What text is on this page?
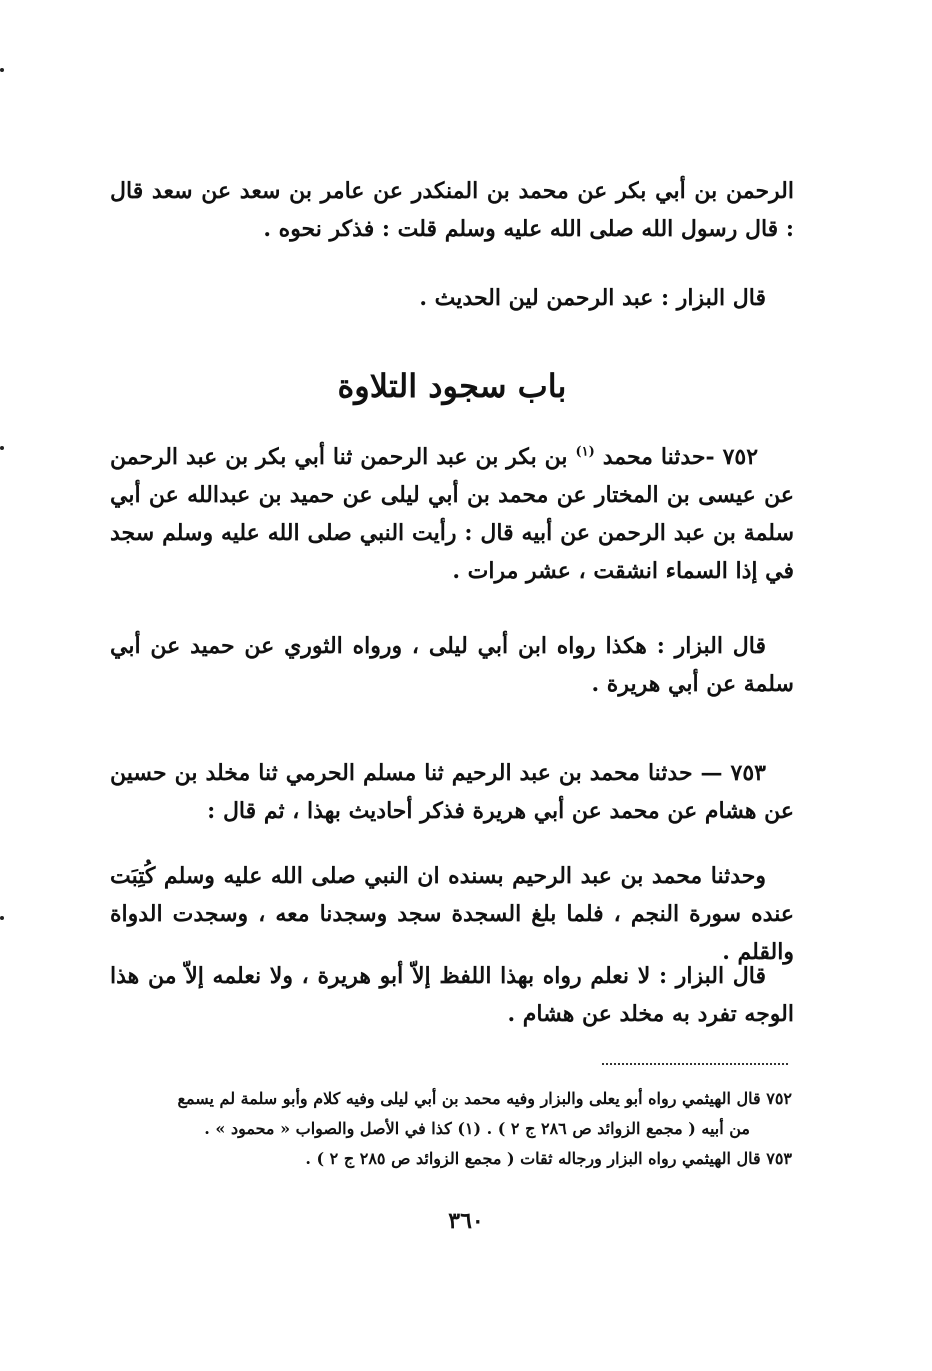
الرحمن بن أبي بكر عن محمد بن المنكدر عن عامر بن سعد عن سعد قال : قال رسول الله صلى الله عليه وسلم قلت : فذكر نحوه .
قال البزار : عبد الرحمن لين الحديث .
باب سجود التلاوة
٧٥٢ -حدثنا محمد $^{(١)}$ بن بكر بن عبد الرحمن ثنا أبي بكر بن عبد الرحمن عن عيسى بن المختار عن محمد بن أبي ليلى عن حميد بن عبدالله عن أبي سلمة بن عبد الرحمن عن أبيه قال : رأيت النبي صلى الله عليه وسلم سجد في إذا السماء انشقت ، عشر مرات .
قال البزار : هكذا رواه ابن أبي ليلى ، ورواه الثوري عن حميد عن أبي سلمة عن أبي هريرة .
٧٥٣ — حدثنا محمد بن عبد الرحيم ثنا مسلم الحرمي ثنا مخلد بن حسين عن هشام عن محمد عن أبي هريرة فذكر أحاديث بهذا ، ثم قال :
وحدثنا محمد بن عبد الرحيم بسنده ان النبي صلى الله عليه وسلم كُتِبَت عنده سورة النجم ، فلما بلغ السجدة سجد وسجدنا معه ، وسجدت الدواة والقلم .
قال البزار : لا نعلم رواه بهذا اللفظ إلاّ أبو هريرة ، ولا نعلمه إلاّ من هذا الوجه تفرد به مخلد عن هشام .
٧٥٢ قال الهيثمي رواه أبو يعلى والبزار وفيه محمد بن أبي ليلى وفيه كلام وأبو سلمة لم يسمع
من أبيه ( مجمع الزوائد ص ٢٨٦ ج ٢ ) . (١) كذا في الأصل والصواب « محمود » .
٧٥٣ قال الهيثمي رواه البزار ورجاله ثقات ( مجمع الزوائد ص ٢٨٥ ج ٢ ) .
٣٦٠
